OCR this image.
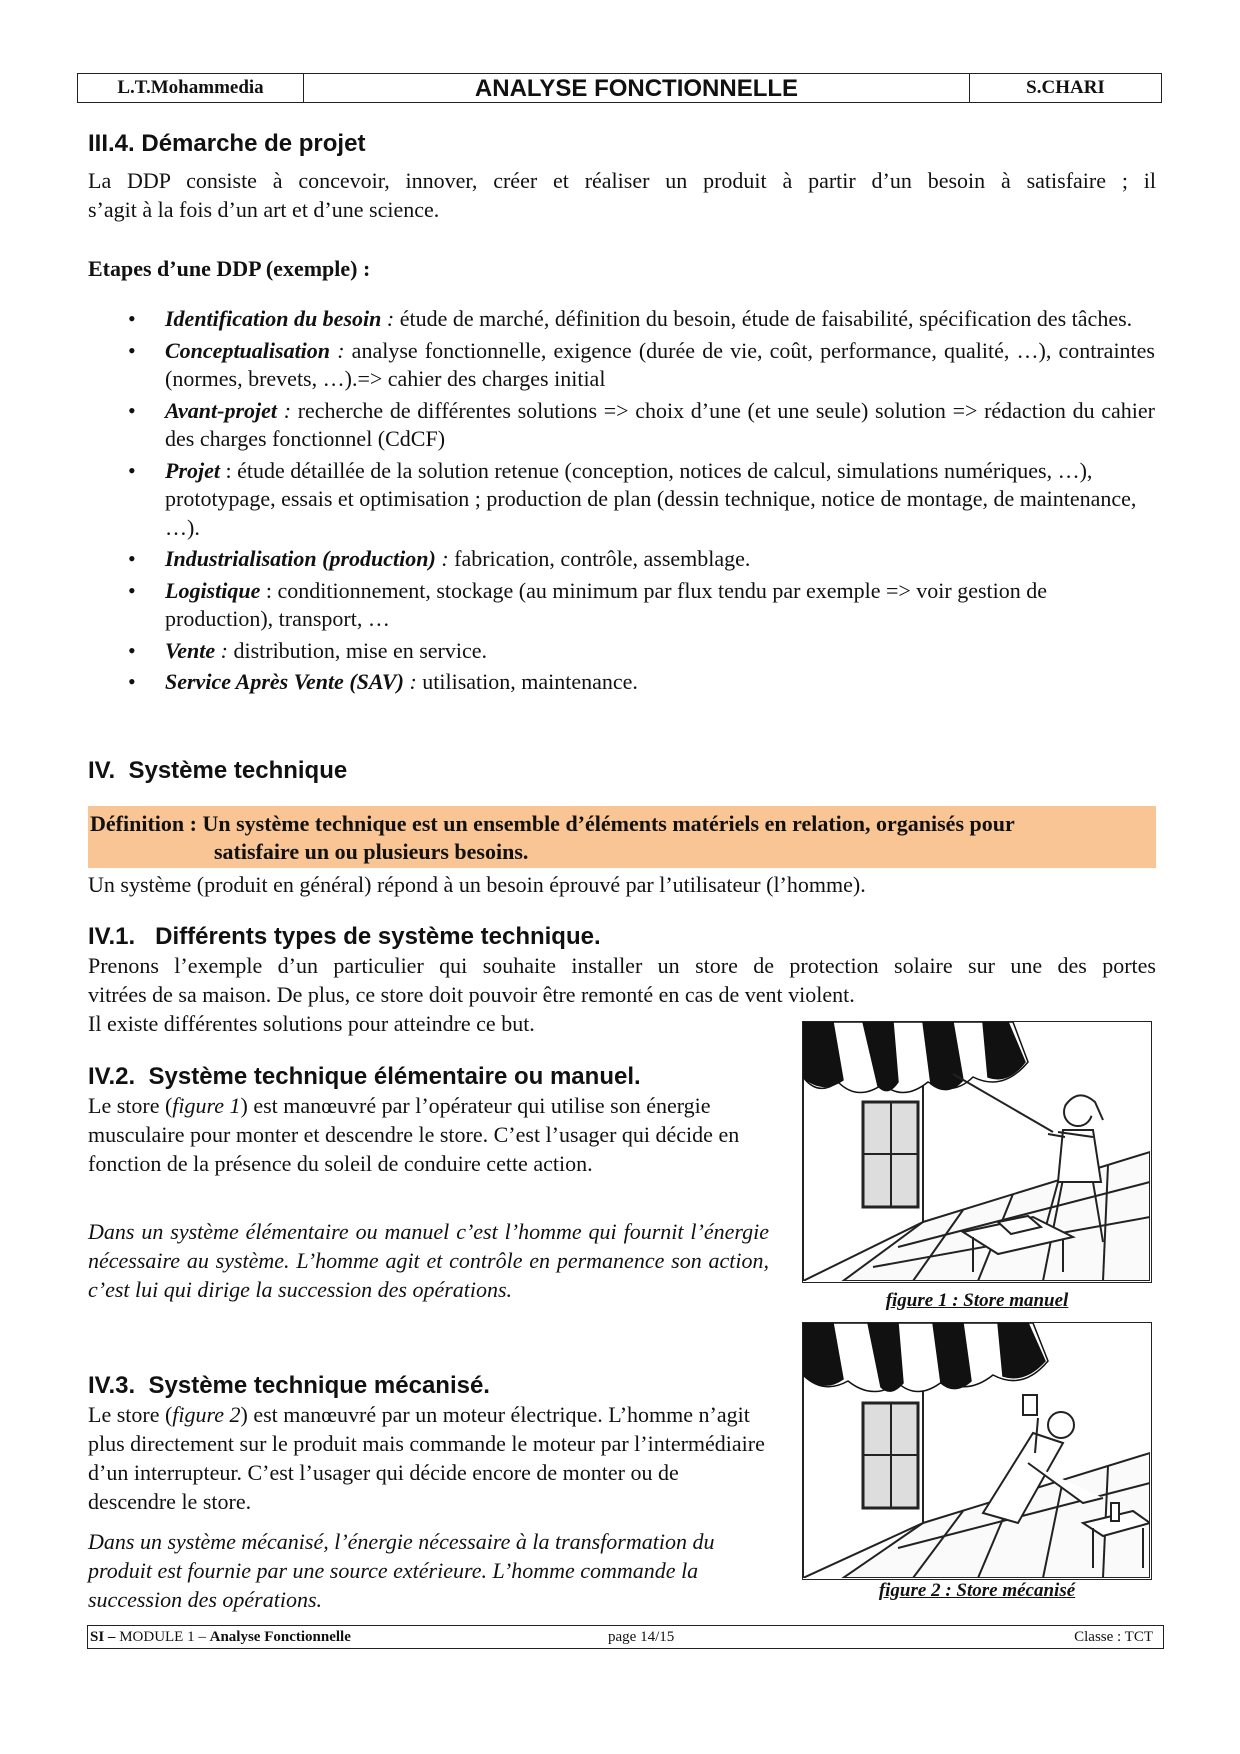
L.T.Mohammedia	ANALYSE FONCTIONNELLE	S.CHARI
III.4. Démarche de projet

La DDP consiste à concevoir, innover, créer et réaliser un produit à partir d’un besoin à satisfaire ; il

s’agit à la fois d’un art et d’une science.

Etapes d’une DDP (exemple) :

• Identification du besoin : étude de marché, définition du besoin, étude de faisabilité, spécification des tâches.
• Conceptualisation : analyse fonctionnelle, exigence (durée de vie, coût, performance, qualité, …), contraintes (normes, brevets, …).=> cahier des charges initial
• Avant-projet : recherche de différentes solutions => choix d’une (et une seule) solution => rédaction du cahier des charges fonctionnel (CdCF)
• Projet : étude détaillée de la solution retenue (conception, notices de calcul, simulations numériques, …), prototypage, essais et optimisation ; production de plan (dessin technique, notice de montage, de maintenance, …).
• Industrialisation (production) : fabrication, contrôle, assemblage.
• Logistique : conditionnement, stockage (au minimum par flux tendu par exemple => voir gestion de production), transport, …
• Vente : distribution, mise en service.
• Service Après Vente (SAV) : utilisation, maintenance.
IV.  Système technique
Définition : Un système technique est un ensemble d’éléments matériels en relation, organisés pour
satisfaire un ou plusieurs besoins.

Un système (produit en général) répond à un besoin éprouvé par l’utilisateur (l’homme).

IV.1.   Différents types de système technique.

Prenons l’exemple d’un particulier qui souhaite installer un store de protection solaire sur une des portes

vitrées de sa maison. De plus, ce store doit pouvoir être remonté en cas de vent violent.

Il existe différentes solutions pour atteindre ce but.

IV.2.  Système technique élémentaire ou manuel.

Le store (figure 1) est manœuvré par l’opérateur qui utilise son énergie musculaire pour monter et descendre le store. C’est l’usager qui décide en fonction de la présence du soleil de conduire cette action.

Dans un système élémentaire ou manuel c’est l’homme qui fournit l’énergie nécessaire au système. L’homme agit et contrôle en permanence son action, c’est lui qui dirige la succession des opérations.

IV.3.  Système technique mécanisé.

Le store (figure 2) est manœuvré par un moteur électrique. L’homme n’agit plus directement sur le produit mais commande le moteur par l’intermédiaire d’un interrupteur. C’est l’usager qui décide encore de monter ou de descendre le store.

Dans un système mécanisé, l’énergie nécessaire à la transformation du produit est fournie par une source extérieure. L’homme commande la succession des opérations.

figure 1 : Store manuel
figure 2 : Store mécanisé
SI – MODULE 1 – Analyse Fonctionnelle	page 14/15	Classe : TCT
